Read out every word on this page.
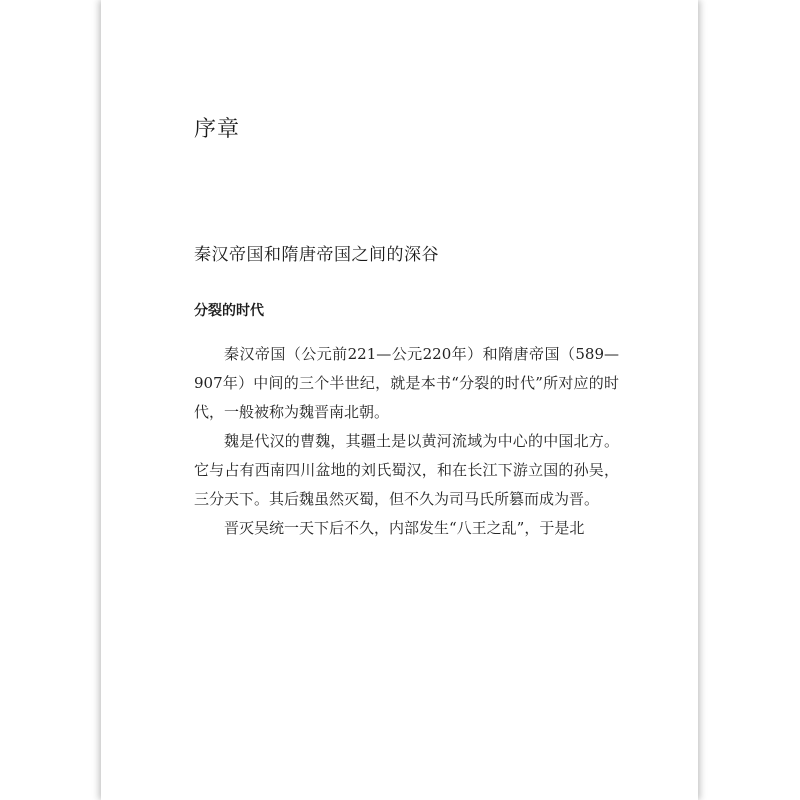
序章
秦汉帝国和隋唐帝国之间的深谷
分裂的时代

秦汉帝国（公元前221—公元220年）和隋唐帝国（589—907年）中间的三个半世纪，就是本书“分裂的时代”所对应的时代，一般被称为魏晋南北朝。

魏是代汉的曹魏，其疆土是以黄河流域为中心的中国北方。它与占有西南四川盆地的刘氏蜀汉，和在长江下游立国的孙吴，三分天下。其后魏虽然灭蜀，但不久为司马氏所篡而成为晋。

晋灭吴统一天下后不久，内部发生“八王之乱”，于是北
